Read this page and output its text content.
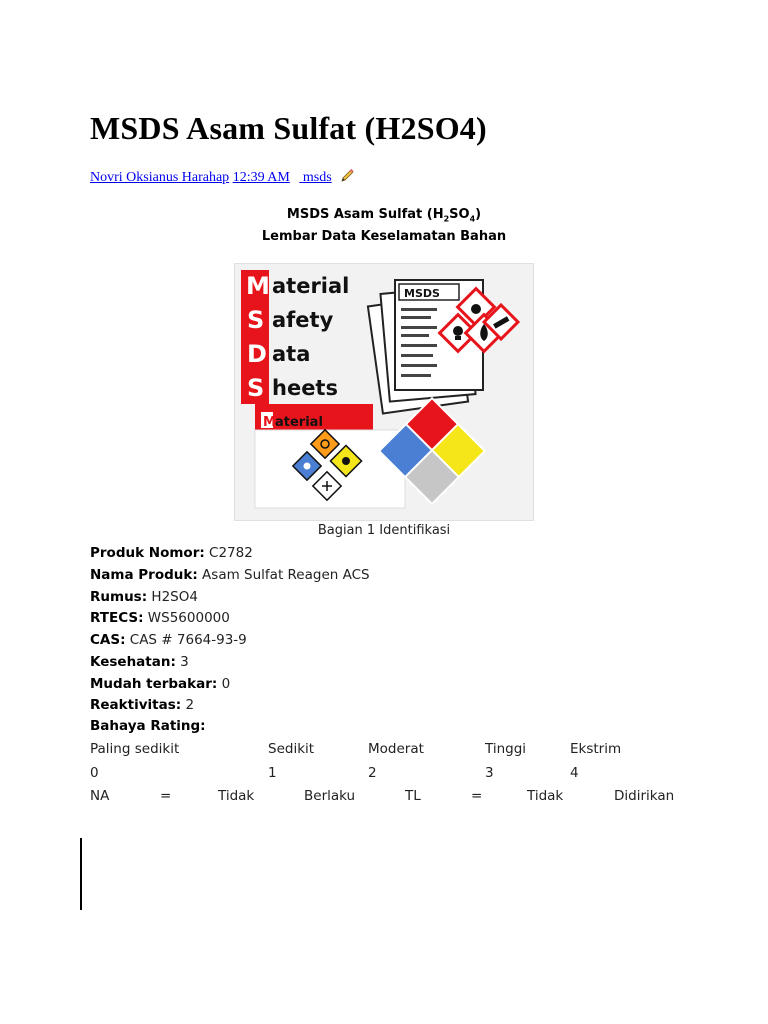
MSDS Asam Sulfat (H2SO4)
Novri Oksianus Harahap 12:39 AM msds
MSDS Asam Sulfat $(H_2SO_4)$
Lembar Data Keselamatan Bahan
M
S
D
S
aterial
afety
ata
heets
MSDS
M aterial
Bagian 1 Identifikasi
Produk Nomor: C2782
Nama Produk: Asam Sulfat Reagen ACS
Rumus: H2SO4
RTECS: WS5600000
CAS: CAS # 7664-93-9
Kesehatan: 3
Mudah terbakar: 0
Reaktivitas: 2
Bahaya Rating:
Paling sedikit	Sedikit	Moderat	Tinggi	Ekstrim
0	1	2	3	4
NA	=	Tidak	Berlaku	TL	=	Tidak	Didirikan
